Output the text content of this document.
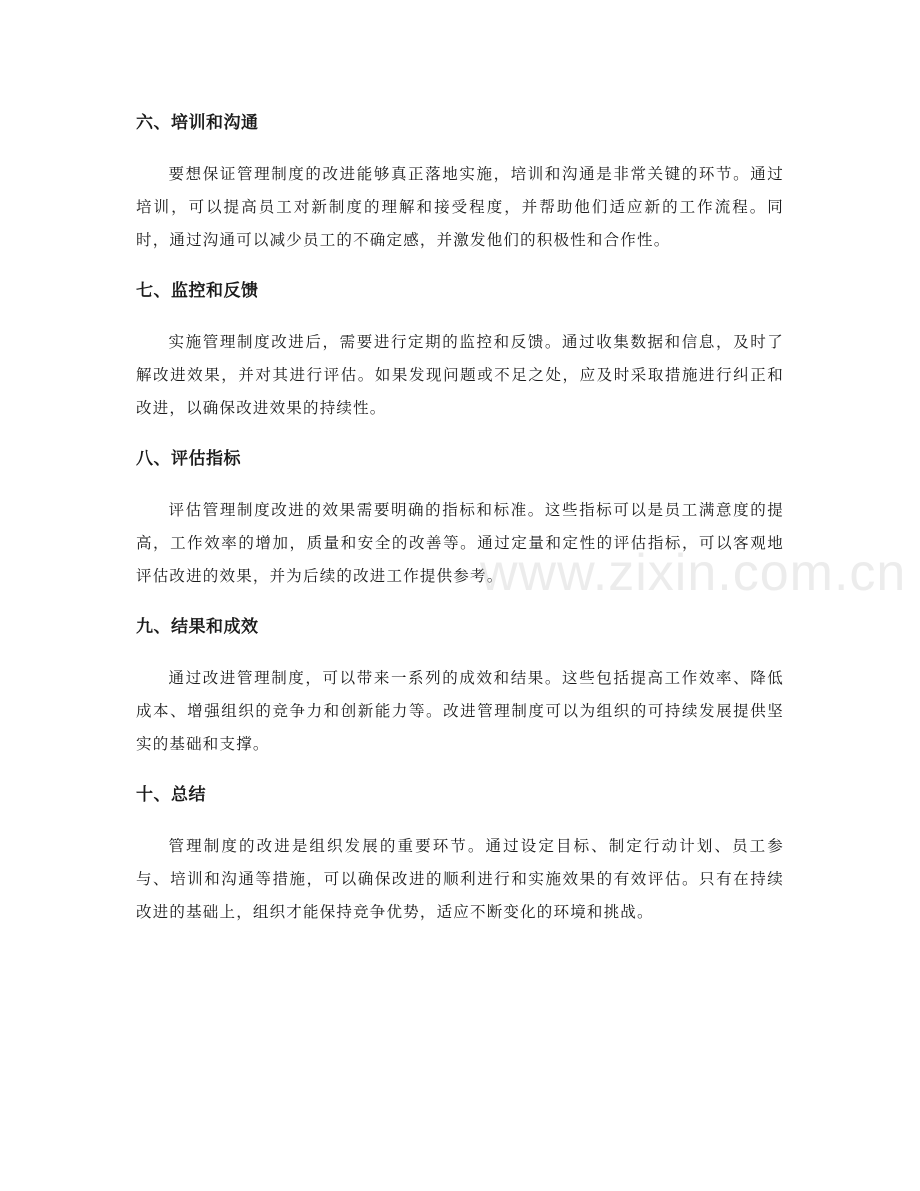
六、培训和沟通

要想保证管理制度的改进能够真正落地实施，培训和沟通是非常关键的环节。通过培训，可以提高员工对新制度的理解和接受程度，并帮助他们适应新的工作流程。同时，通过沟通可以减少员工的不确定感，并激发他们的积极性和合作性。

七、监控和反馈

实施管理制度改进后，需要进行定期的监控和反馈。通过收集数据和信息，及时了解改进效果，并对其进行评估。如果发现问题或不足之处，应及时采取措施进行纠正和改进，以确保改进效果的持续性。

八、评估指标

评估管理制度改进的效果需要明确的指标和标准。这些指标可以是员工满意度的提高，工作效率的增加，质量和安全的改善等。通过定量和定性的评估指标，可以客观地评估改进的效果，并为后续的改进工作提供参考。

九、结果和成效

通过改进管理制度，可以带来一系列的成效和结果。这些包括提高工作效率、降低成本、增强组织的竞争力和创新能力等。改进管理制度可以为组织的可持续发展提供坚实的基础和支撑。

十、总结

管理制度的改进是组织发展的重要环节。通过设定目标、制定行动计划、员工参与、培训和沟通等措施，可以确保改进的顺利进行和实施效果的有效评估。只有在持续改进的基础上，组织才能保持竞争优势，适应不断变化的环境和挑战。

www.zixin.com.cn
